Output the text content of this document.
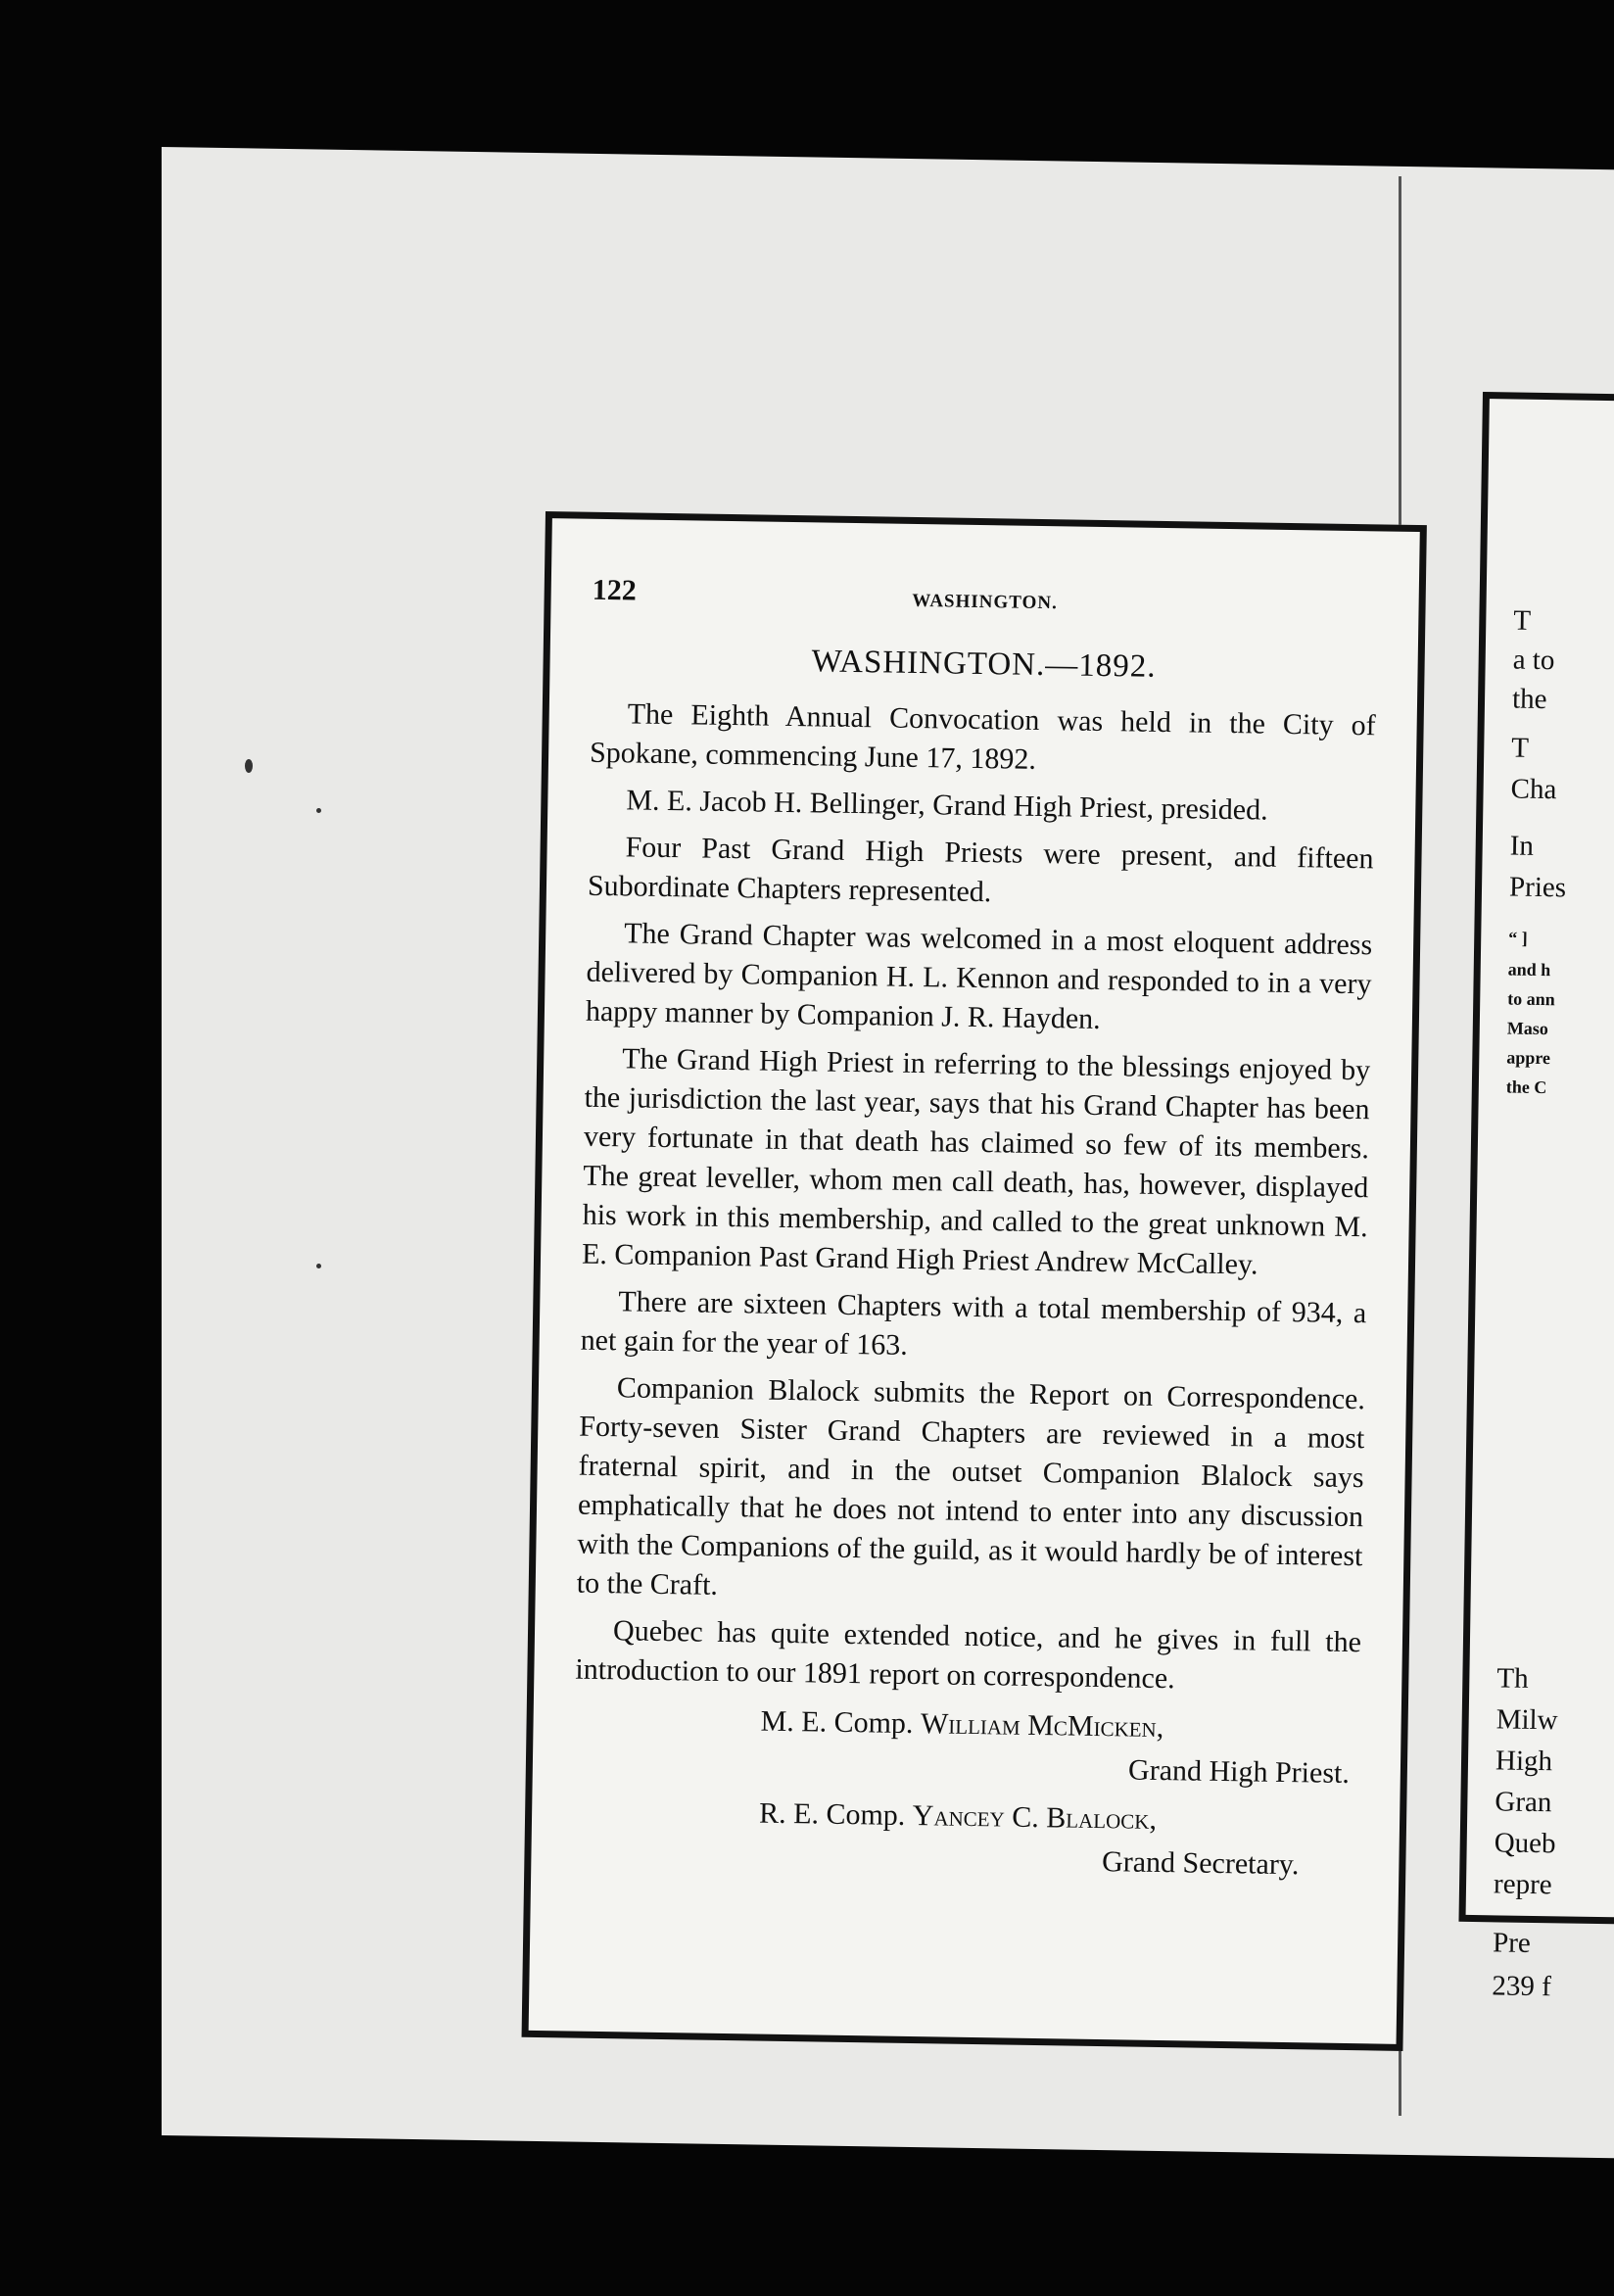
122	WASHINGTON.
WASHINGTON.—1892.

The Eighth Annual Convocation was held in the City of Spokane, commencing June 17, 1892.

M. E. Jacob H. Bellinger, Grand High Priest, presided.

Four Past Grand High Priests were present, and fifteen Subordinate Chapters represented.

The Grand Chapter was welcomed in a most eloquent address delivered by Companion H. L. Kennon and responded to in a very happy manner by Companion J. R. Hayden.

The Grand High Priest in referring to the blessings enjoyed by the jurisdiction the last year, says that his Grand Chapter has been very fortunate in that death has claimed so few of its members. The great leveller, whom men call death, has, however, displayed his work in this membership, and called to the great unknown M. E. Companion Past Grand High Priest Andrew McCalley.

There are sixteen Chapters with a total membership of 934, a net gain for the year of 163.

Companion Blalock submits the Report on Correspondence. Forty-seven Sister Grand Chapters are reviewed in a most fraternal spirit, and in the outset Companion Blalock says emphatically that he does not intend to enter into any discussion with the Companions of the guild, as it would hardly be of interest to the Craft.

Quebec has quite extended notice, and he gives in full the introduction to our 1891 report on correspondence.

M. E. Comp. William McMicken,
Grand High Priest.
R. E. Comp. Yancey C. Blalock,
Grand Secretary.
T
a to
the
T
Cha
In
Pries
“ ]
and h
to ann
Maso
appre
the C
Th
Milw
High
Gran
Queb
repre
Pre
239 f
